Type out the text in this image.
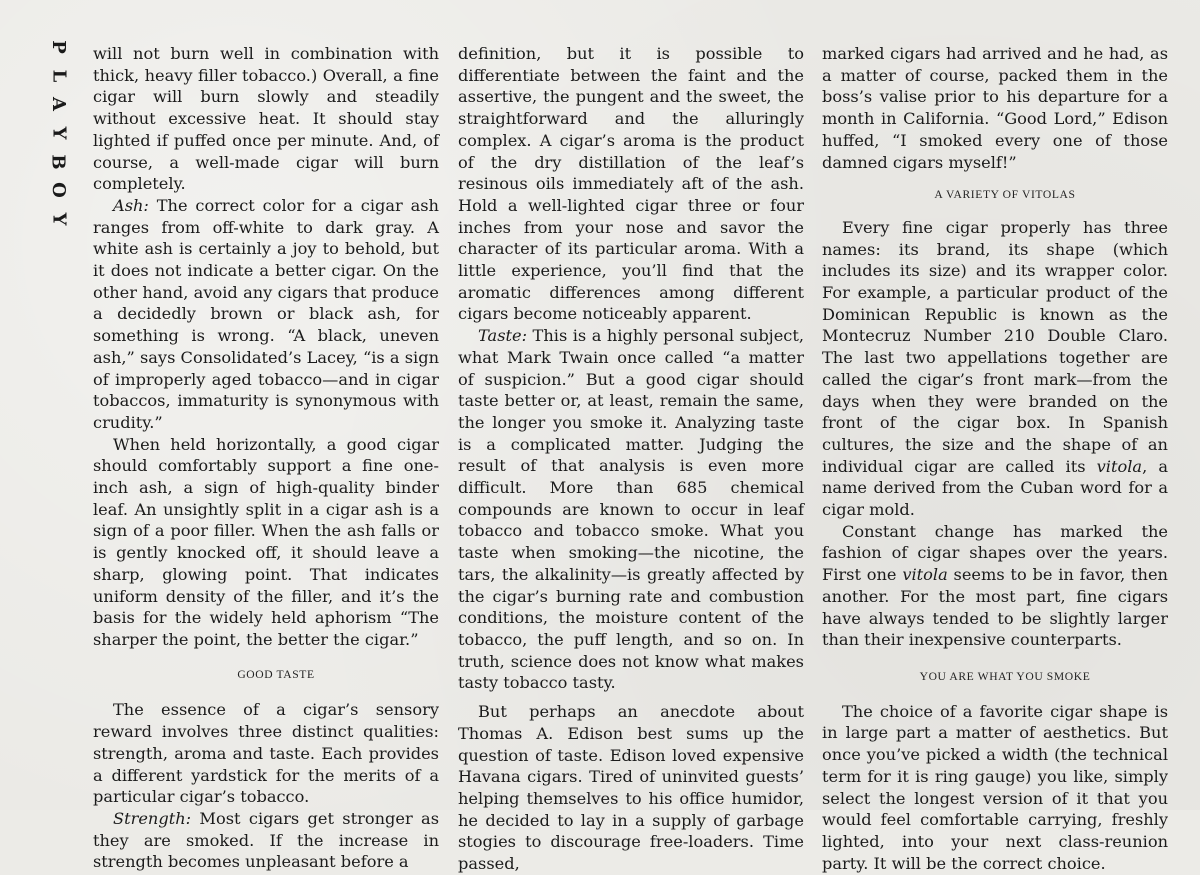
P
L
A
Y
B
O
Y

will not burn well in combination with thick, heavy filler tobacco.) Overall, a fine cigar will burn slowly and steadily without excessive heat. It should stay lighted if puffed once per minute. And, of course, a well-made cigar will burn completely.

Ash: The correct color for a cigar ash ranges from off-white to dark gray. A white ash is certainly a joy to behold, but it does not indicate a better cigar. On the other hand, avoid any cigars that produce a decidedly brown or black ash, for something is wrong. “A black, uneven ash,” says Consolidated’s Lacey, “is a sign of improperly aged tobacco—and in cigar tobaccos, immaturity is synonymous with crudity.”

When held horizontally, a good cigar should comfortably support a fine one-inch ash, a sign of high-quality binder leaf. An unsightly split in a cigar ash is a sign of a poor filler. When the ash falls or is gently knocked off, it should leave a sharp, glowing point. That indicates uniform density of the filler, and it’s the basis for the widely held aphorism “The sharper the point, the better the cigar.”

GOOD TASTE

The essence of a cigar’s sensory reward involves three distinct qualities: strength, aroma and taste. Each provides a different yardstick for the merits of a particular cigar’s tobacco.

Strength: Most cigars get stronger as they are smoked. If the increase in strength becomes unpleasant before a

definition, but it is possible to differentiate between the faint and the assertive, the pungent and the sweet, the straightforward and the alluringly complex. A cigar’s aroma is the product of the dry distillation of the leaf’s resinous oils immediately aft of the ash. Hold a well-lighted cigar three or four inches from your nose and savor the character of its particular aroma. With a little experience, you’ll find that the aromatic differences among different cigars become noticeably apparent.

Taste: This is a highly personal subject, what Mark Twain once called “a matter of suspicion.” But a good cigar should taste better or, at least, remain the same, the longer you smoke it. Analyzing taste is a complicated matter. Judging the result of that analysis is even more difficult. More than 685 chemical compounds are known to occur in leaf tobacco and tobacco smoke. What you taste when smoking—the nicotine, the tars, the alkalinity—is greatly affected by the cigar’s burning rate and combustion conditions, the moisture content of the tobacco, the puff length, and so on. In truth, science does not know what makes tasty tobacco tasty.

But perhaps an anecdote about Thomas A. Edison best sums up the question of taste. Edison loved expensive Havana cigars. Tired of uninvited guests’ helping themselves to his office humidor, he decided to lay in a supply of garbage stogies to discourage free-loaders. Time passed,

marked cigars had arrived and he had, as a matter of course, packed them in the boss’s valise prior to his departure for a month in California. “Good Lord,” Edison huffed, “I smoked every one of those damned cigars myself!”

A VARIETY OF VITOLAS

Every fine cigar properly has three names: its brand, its shape (which includes its size) and its wrapper color. For example, a particular product of the Dominican Republic is known as the Montecruz Number 210 Double Claro. The last two appellations together are called the cigar’s front mark—from the days when they were branded on the front of the cigar box. In Spanish cultures, the size and the shape of an individual cigar are called its vitola, a name derived from the Cuban word for a cigar mold.

Constant change has marked the fashion of cigar shapes over the years. First one vitola seems to be in favor, then another. For the most part, fine cigars have always tended to be slightly larger than their inexpensive counterparts.

YOU ARE WHAT YOU SMOKE

The choice of a favorite cigar shape is in large part a matter of aesthetics. But once you’ve picked a width (the technical term for it is ring gauge) you like, simply select the longest version of it that you would feel comfortable carrying, freshly lighted, into your next class-reunion party. It will be the correct choice.
